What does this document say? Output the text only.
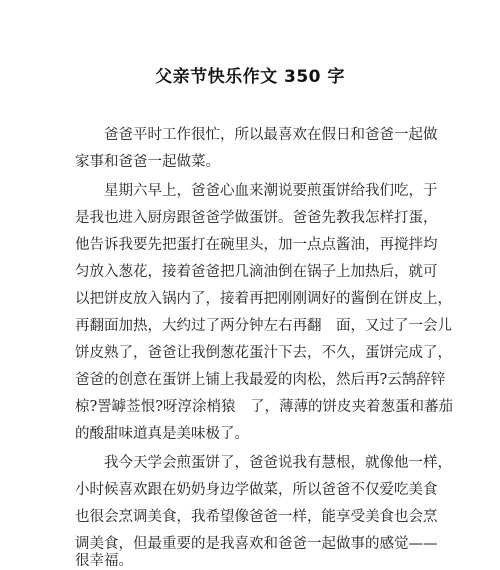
父亲节快乐作文 350 字
爸爸平时工作很忙，所以最喜欢在假日和爸爸一起做
家事和爸爸一起做菜。
星期六早上，爸爸心血来潮说要煎蛋饼给我们吃，于
是我也进入厨房跟爸爸学做蛋饼。爸爸先教我怎样打蛋，
他告诉我要先把蛋打在碗里头，加一点点酱油，再搅拌均
匀放入葱花，接着爸爸把几滴油倒在锅子上加热后，就可
以把饼皮放入锅内了，接着再把刚刚调好的酱倒在饼皮上，
再翻面加热，大约过了两分钟左右再翻　面，又过了一会儿
饼皮熟了，爸爸让我倒葱花蛋汁下去，不久，蛋饼完成了，
爸爸的创意在蛋饼上铺上我最爱的肉松，然后再?云鹄辞锌
椋?詈罅莶恨?呀淳涂梢猿　了，薄薄的饼皮夹着葱蛋和蕃茄
的酸甜味道真是美味极了。
我今天学会煎蛋饼了，爸爸说我有慧根，就像他一样，
小时候喜欢跟在奶奶身边学做菜，所以爸爸不仅爱吃美食
也很会烹调美食，我希望像爸爸一样，能享受美食也会烹
调美食，但最重要的是我喜欢和爸爸一起做事的感觉——
很幸福。
